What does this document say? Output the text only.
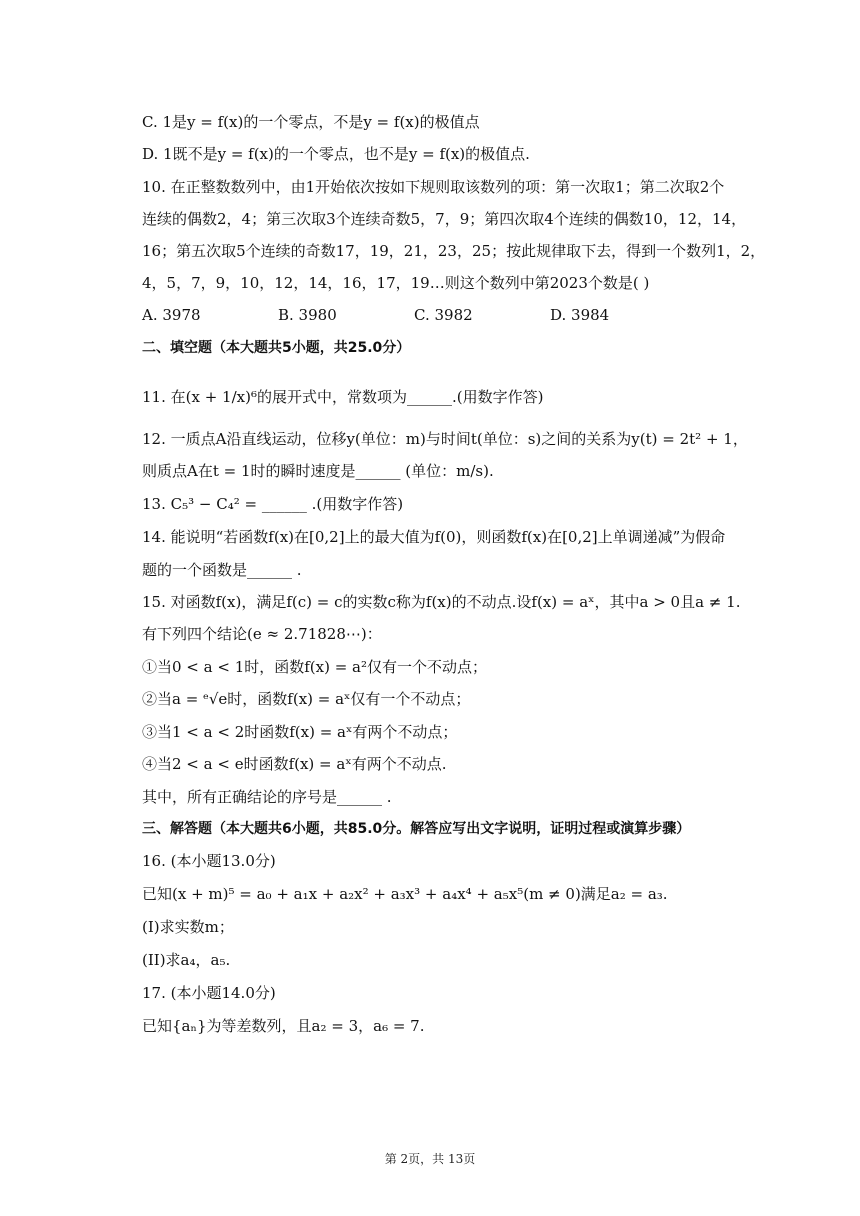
C. 1是y = f(x)的一个零点，不是y = f(x)的极值点
D. 1既不是y = f(x)的一个零点，也不是y = f(x)的极值点.
10. 在正整数数列中，由1开始依次按如下规则取该数列的项：第一次取1；第二次取2个
连续的偶数2，4；第三次取3个连续奇数5，7，9；第四次取4个连续的偶数10，12，14，
16；第五次取5个连续的奇数17，19，21，23，25；按此规律取下去，得到一个数列1，2，
4，5，7，9，10，12，14，16，17，19…则这个数列中第2023个数是( )
A. 3978	B. 3980	C. 3982	D. 3984
二、填空题（本大题共5小题，共25.0分）
11. 在(x + 1/x)⁶的展开式中，常数项为______.(用数字作答)
12. 一质点A沿直线运动，位移y(单位：m)与时间t(单位：s)之间的关系为y(t) = 2t² + 1，
则质点A在t = 1时的瞬时速度是______ (单位：m/s).
13. C₅³ − C₄² = ______ .(用数字作答)
14. 能说明“若函数f(x)在[0,2]上的最大值为f(0)，则函数f(x)在[0,2]上单调递减”为假命
题的一个函数是______ .
15. 对函数f(x)，满足f(c) = c的实数c称为f(x)的不动点.设f(x) = aˣ，其中a > 0且a ≠ 1.
有下列四个结论(e ≈ 2.71828⋯)：
①当0 < a < 1时，函数f(x) = a²仅有一个不动点；
②当a = ᵉ√e时，函数f(x) = aˣ仅有一个不动点；
③当1 < a < 2时函数f(x) = aˣ有两个不动点；
④当2 < a < e时函数f(x) = aˣ有两个不动点.
其中，所有正确结论的序号是______ .
三、解答题（本大题共6小题，共85.0分。解答应写出文字说明，证明过程或演算步骤）
16. (本小题13.0分)
已知(x + m)⁵ = a₀ + a₁x + a₂x² + a₃x³ + a₄x⁴ + a₅x⁵(m ≠ 0)满足a₂ = a₃.
(I)求实数m；
(II)求a₄，a₅.
17. (本小题14.0分)
已知{aₙ}为等差数列，且a₂ = 3，a₆ = 7.
第 2页，共 13页
